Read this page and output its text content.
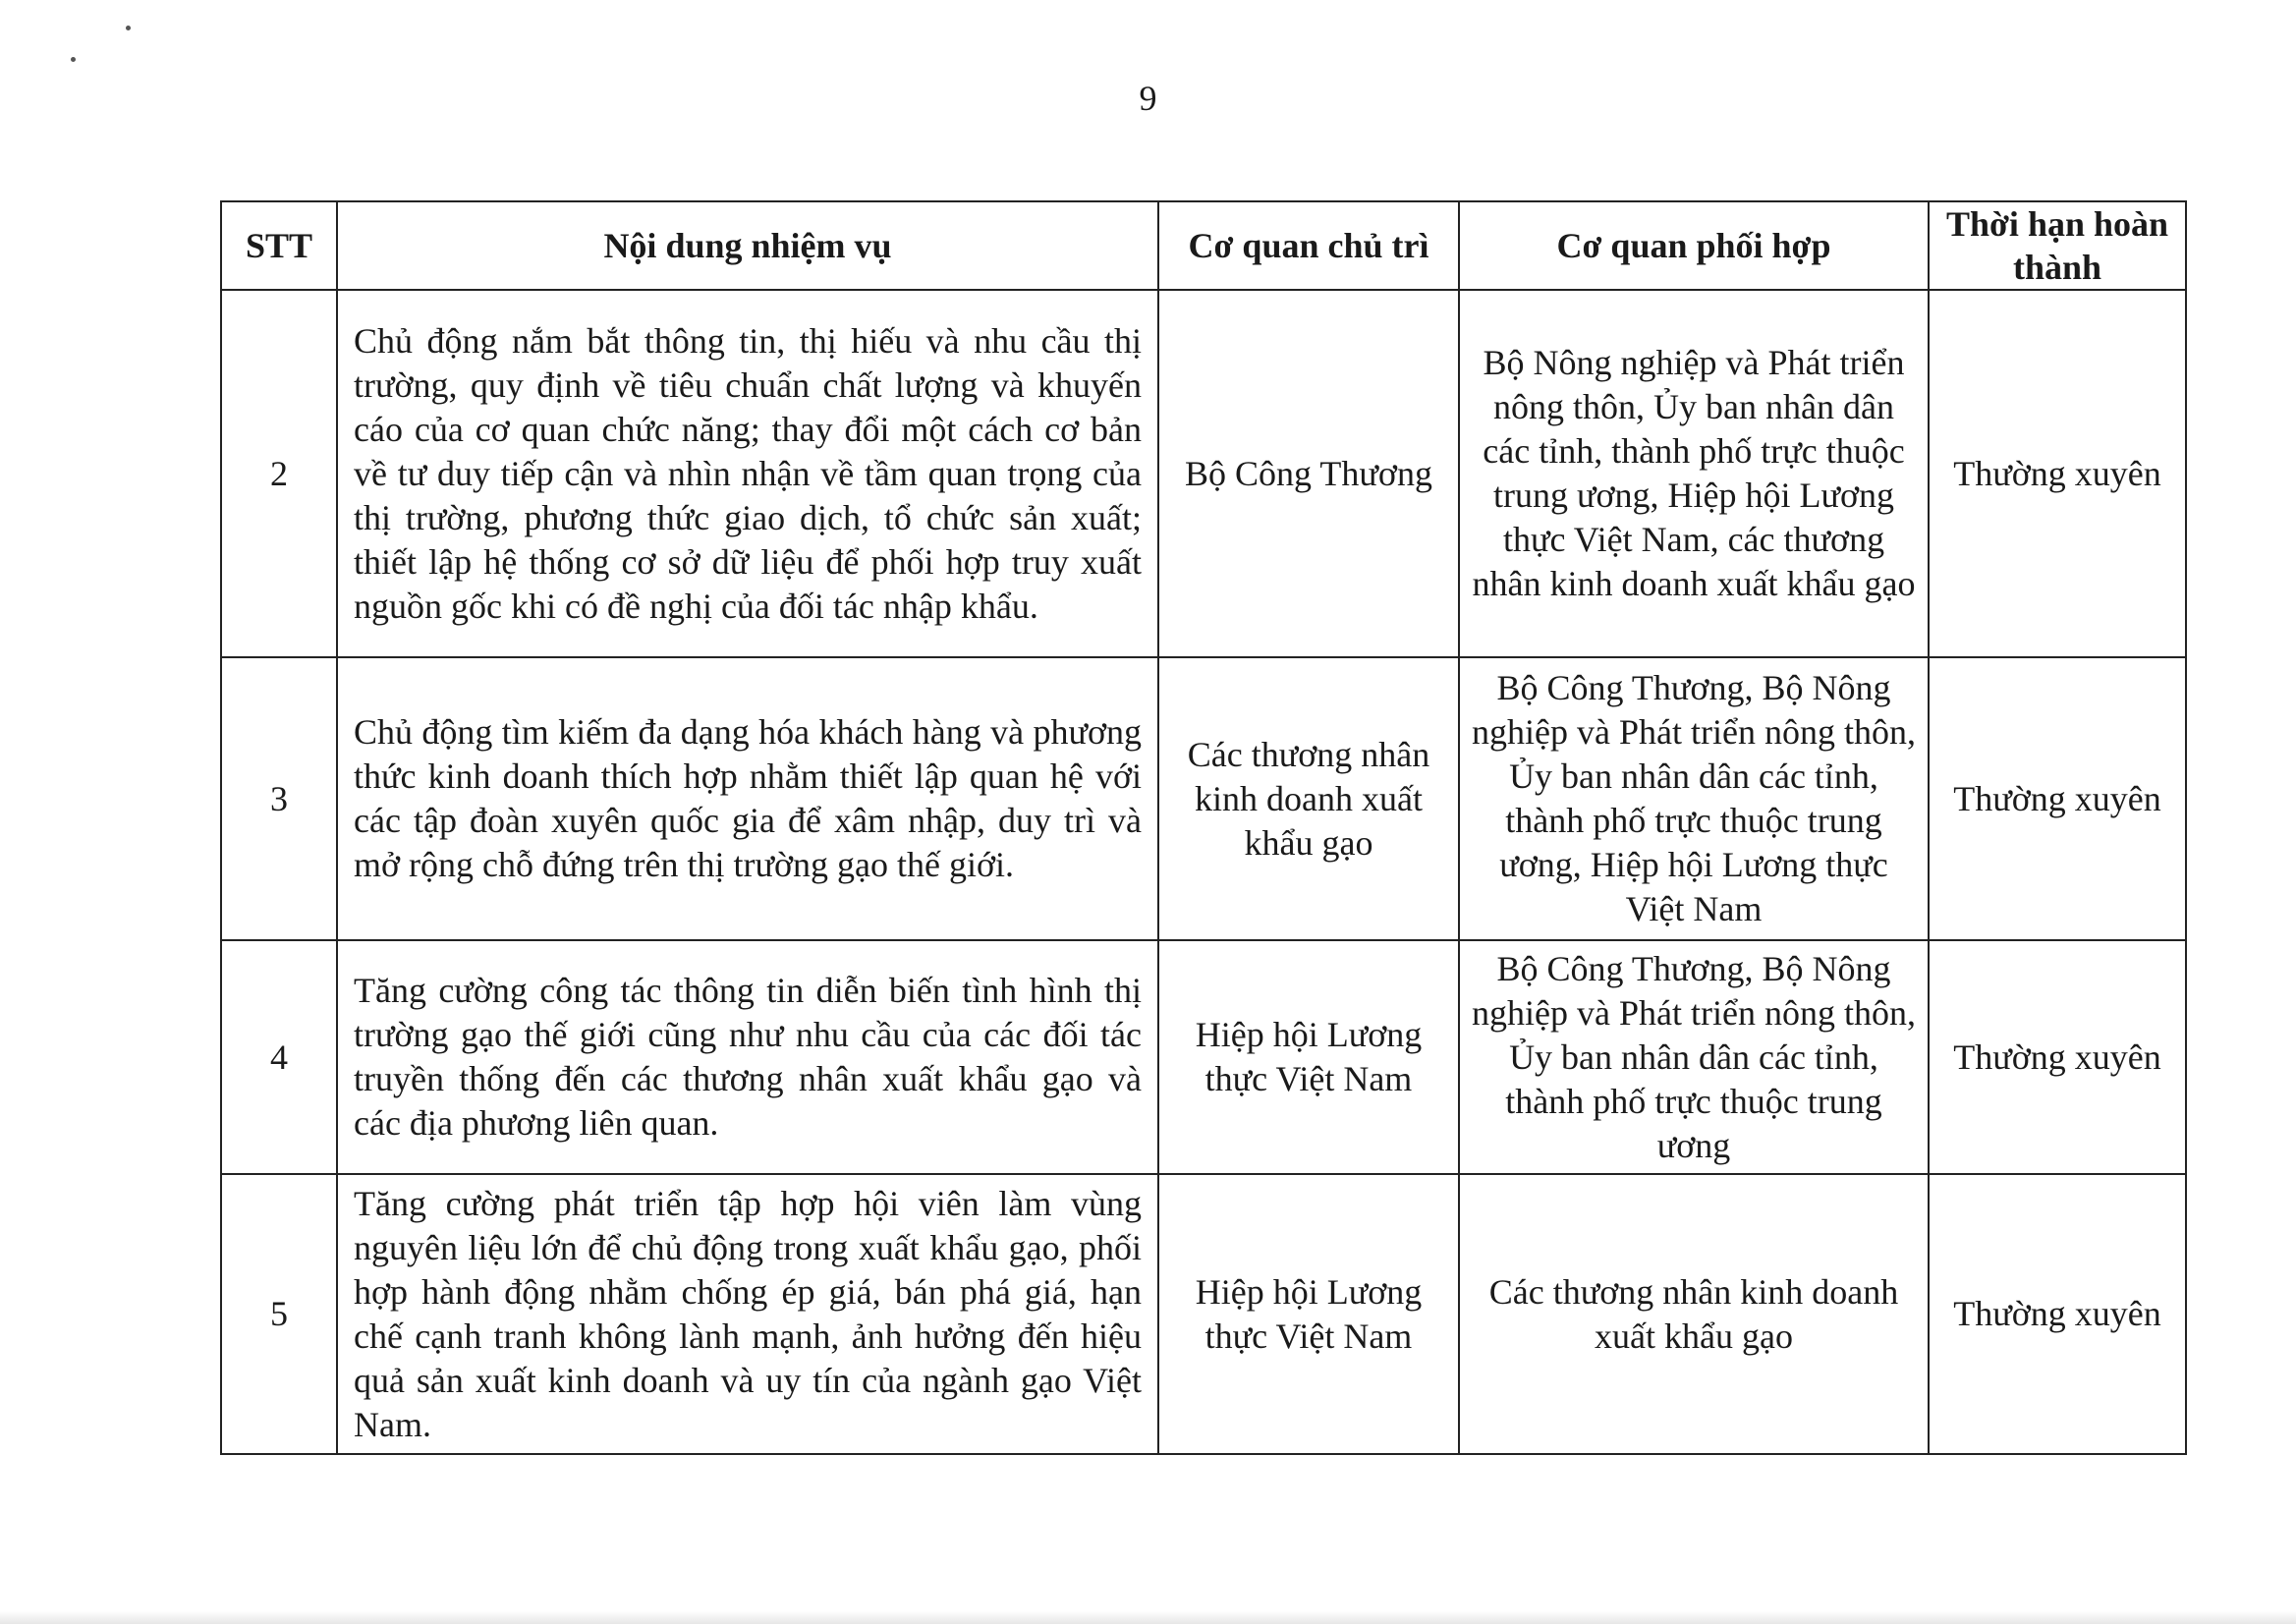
9
STT	Nội dung nhiệm vụ	Cơ quan chủ trì	Cơ quan phối hợp	Thời hạn hoàn thành
2	Chủ động nắm bắt thông tin, thị hiếu và nhu cầu thị trường, quy định về tiêu chuẩn chất lượng và khuyến cáo của cơ quan chức năng; thay đổi một cách cơ bản về tư duy tiếp cận và nhìn nhận về tầm quan trọng của thị trường, phương thức giao dịch, tổ chức sản xuất; thiết lập hệ thống cơ sở dữ liệu để phối hợp truy xuất nguồn gốc khi có đề nghị của đối tác nhập khẩu.	Bộ Công Thương	Bộ Nông nghiệp và Phát triển nông thôn, Ủy ban nhân dân các tỉnh, thành phố trực thuộc trung ương, Hiệp hội Lương thực Việt Nam, các thương nhân kinh doanh xuất khẩu gạo	Thường xuyên
3	Chủ động tìm kiếm đa dạng hóa khách hàng và phương thức kinh doanh thích hợp nhằm thiết lập quan hệ với các tập đoàn xuyên quốc gia để xâm nhập, duy trì và mở rộng chỗ đứng trên thị trường gạo thế giới.	Các thương nhân kinh doanh xuất khẩu gạo	Bộ Công Thương, Bộ Nông nghiệp và Phát triển nông thôn, Ủy ban nhân dân các tỉnh, thành phố trực thuộc trung ương, Hiệp hội Lương thực Việt Nam	Thường xuyên
4	Tăng cường công tác thông tin diễn biến tình hình thị trường gạo thế giới cũng như nhu cầu của các đối tác truyền thống đến các thương nhân xuất khẩu gạo và các địa phương liên quan.	Hiệp hội Lương thực Việt Nam	Bộ Công Thương, Bộ Nông nghiệp và Phát triển nông thôn, Ủy ban nhân dân các tỉnh, thành phố trực thuộc trung ương	Thường xuyên
5	Tăng cường phát triển tập hợp hội viên làm vùng nguyên liệu lớn để chủ động trong xuất khẩu gạo, phối hợp hành động nhằm chống ép giá, bán phá giá, hạn chế cạnh tranh không lành mạnh, ảnh hưởng đến hiệu quả sản xuất kinh doanh và uy tín của ngành gạo Việt Nam.	Hiệp hội Lương thực Việt Nam	Các thương nhân kinh doanh xuất khẩu gạo	Thường xuyên
